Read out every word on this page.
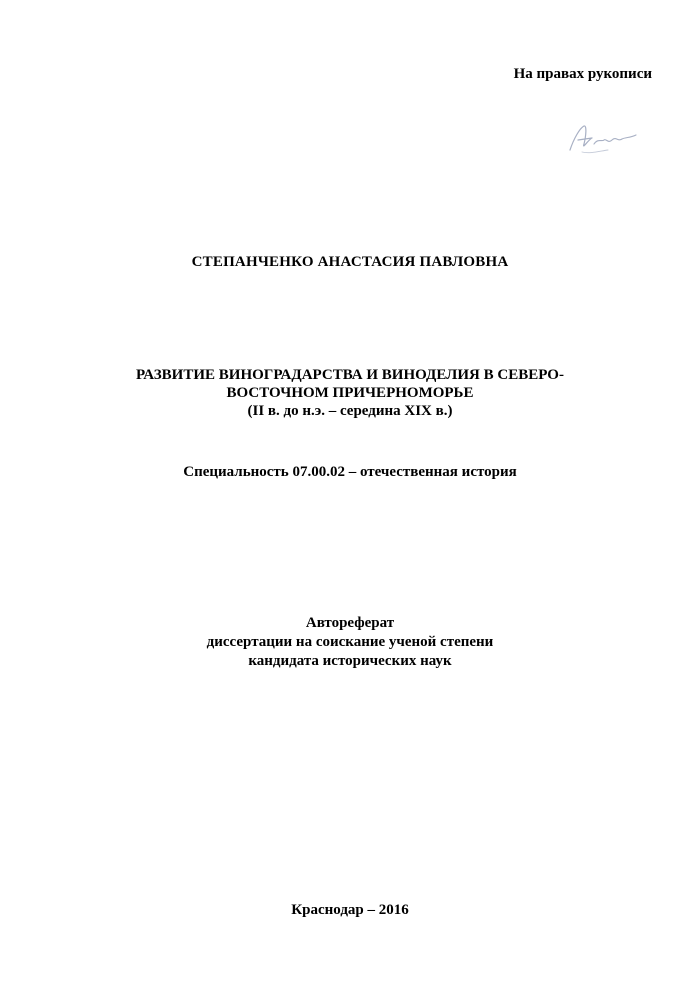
На правах рукописи
СТЕПАНЧЕНКО АНАСТАСИЯ ПАВЛОВНА
РАЗВИТИЕ ВИНОГРАДАРСТВА И ВИНОДЕЛИЯ В СЕВЕРО-
ВОСТОЧНОМ ПРИЧЕРНОМОРЬЕ
(II в. до н.э. – середина XIX в.)
Специальность 07.00.02 – отечественная история
Автореферат
диссертации на соискание ученой степени
кандидата исторических наук
Краснодар – 2016
